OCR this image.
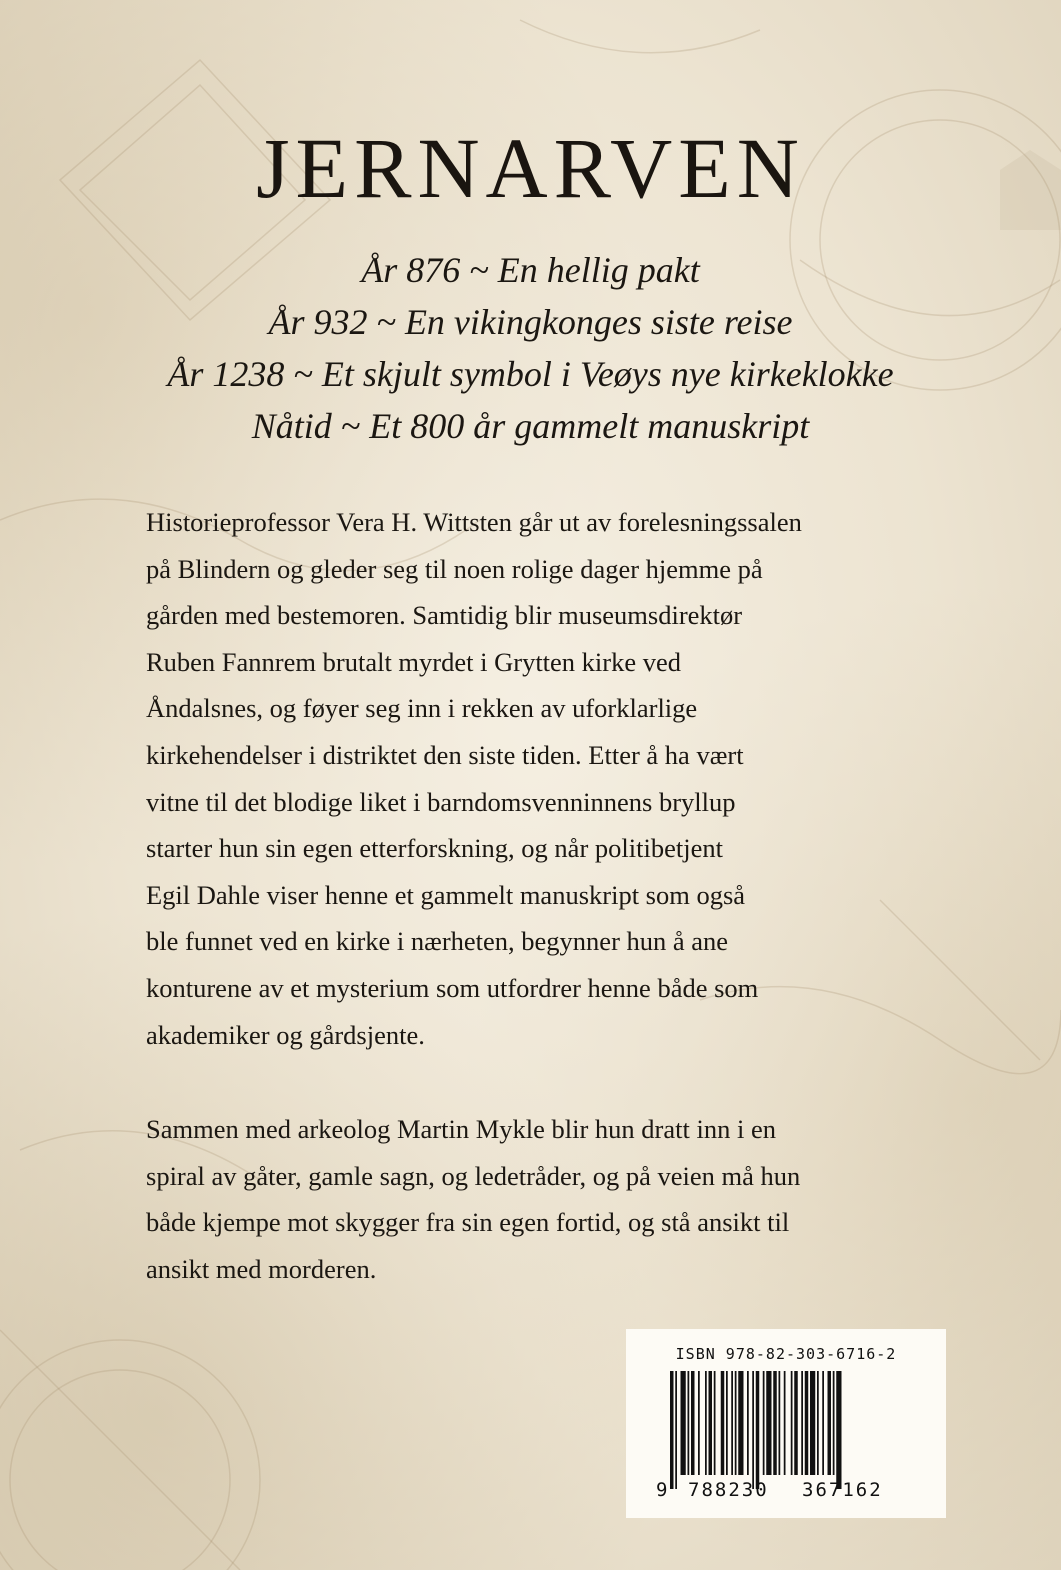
JERNARVEN
År 876 ~ En hellig pakt
År 932 ~ En vikingkonges siste reise
År 1238 ~ Et skjult symbol i Veøys nye kirkeklokke
Nåtid ~ Et 800 år gammelt manuskript
Historieprofessor Vera H. Wittsten går ut av forelesningssalen
på Blindern og gleder seg til noen rolige dager hjemme på
gården med bestemoren. Samtidig blir museumsdirektør
Ruben Fannrem brutalt myrdet i Grytten kirke ved
Åndalsnes, og føyer seg inn i rekken av uforklarlige
kirkehendelser i distriktet den siste tiden. Etter å ha vært
vitne til det blodige liket i barndomsvenninnens bryllup
starter hun sin egen etterforskning, og når politibetjent
Egil Dahle viser henne et gammelt manuskript som også
ble funnet ved en kirke i nærheten, begynner hun å ane
konturene av et mysterium som utfordrer henne både som
akademiker og gårdsjente.
Sammen med arkeolog Martin Mykle blir hun dratt inn i en
spiral av gåter, gamle sagn, og ledetråder, og på veien må hun
både kjempe mot skygger fra sin egen fortid, og stå ansikt til
ansikt med morderen.
ISBN 978-82-303-6716-2
9 788230 367162
